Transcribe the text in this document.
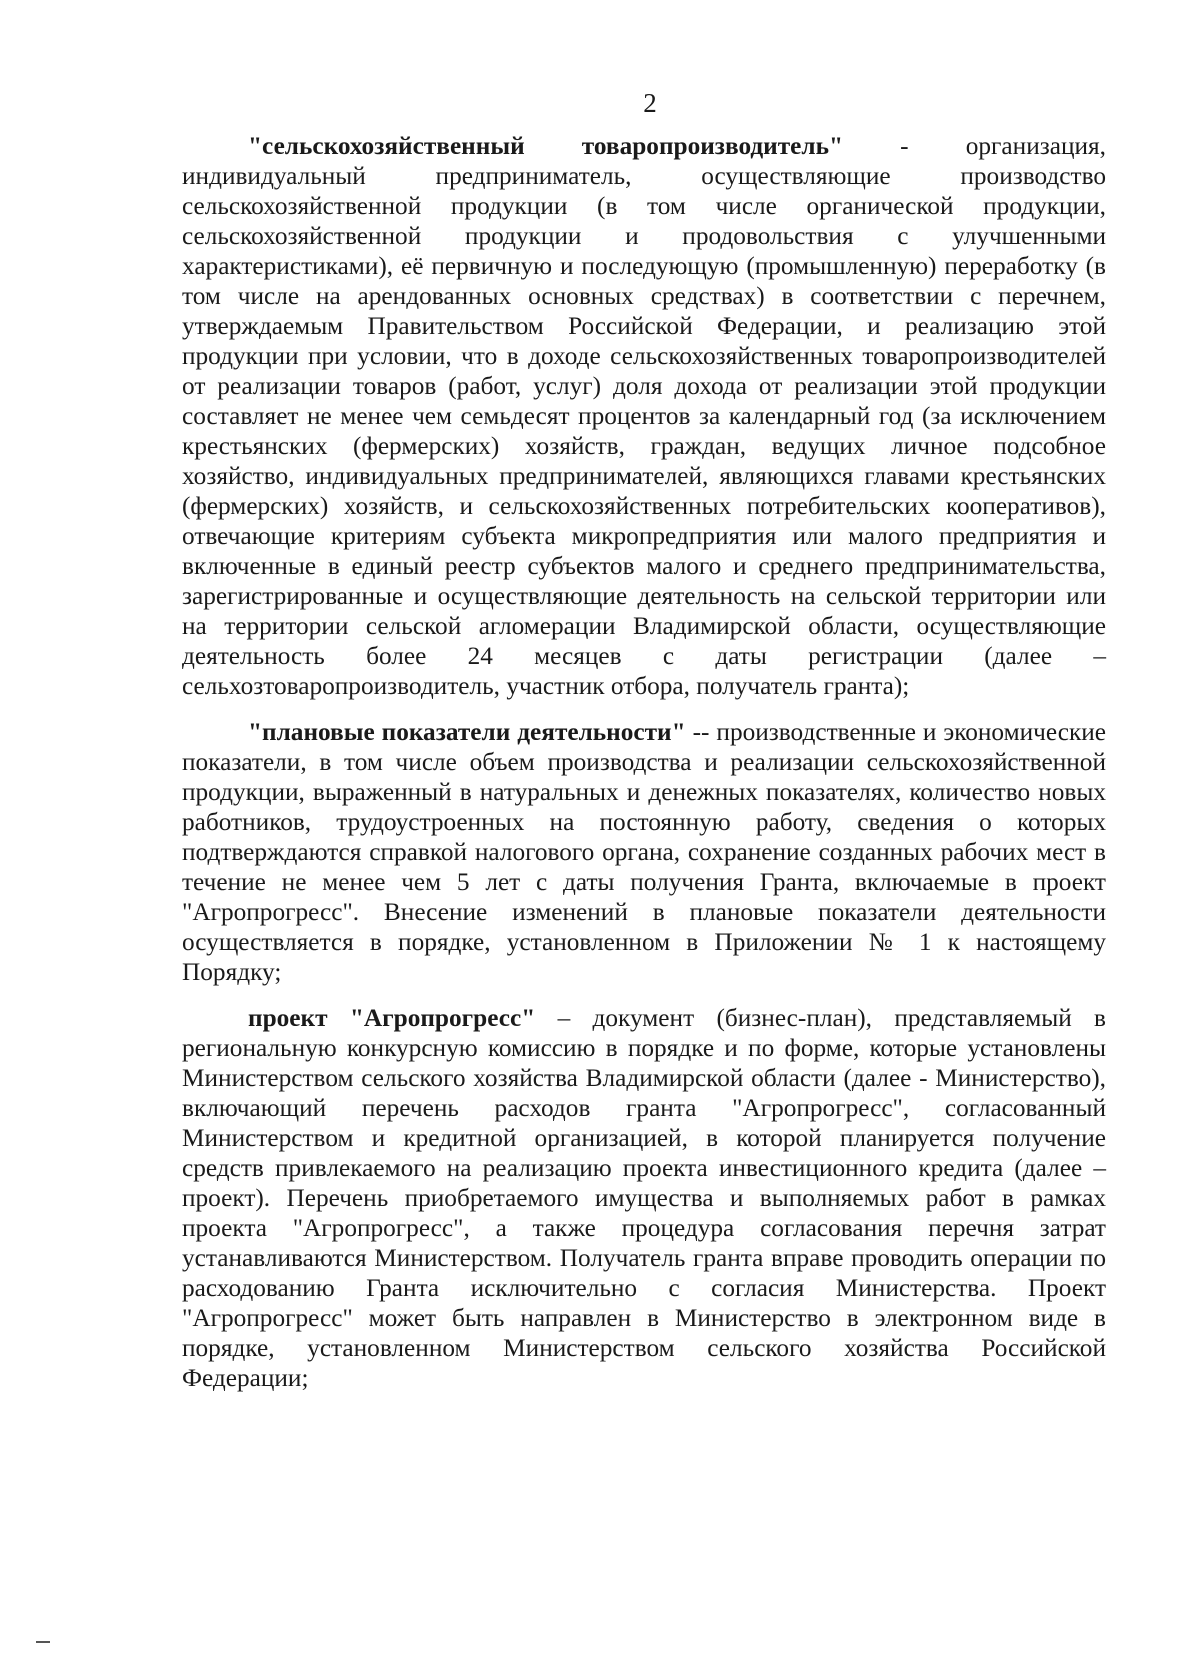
2

"сельскохозяйственный товаропроизводитель" - организация, индивидуальный предприниматель, осуществляющие производство сельскохозяйственной продукции (в том числе органической продукции, сельскохозяйственной продукции и продовольствия с улучшенными характеристиками), её первичную и последующую (промышленную) переработку (в том числе на арендованных основных средствах) в соответствии с перечнем, утверждаемым Правительством Российской Федерации, и реализацию этой продукции при условии, что в доходе сельскохозяйственных товаропроизводителей от реализации товаров (работ, услуг) доля дохода от реализации этой продукции составляет не менее чем семьдесят процентов за календарный год (за исключением крестьянских (фермерских) хозяйств, граждан, ведущих личное подсобное хозяйство, индивидуальных предпринимателей, являющихся главами крестьянских (фермерских) хозяйств, и сельскохозяйственных потребительских кооперативов), отвечающие критериям субъекта микропредприятия или малого предприятия и включенные в единый реестр субъектов малого и среднего предпринимательства, зарегистрированные и осуществляющие деятельность на сельской территории или на территории сельской агломерации Владимирской области, осуществляющие деятельность более 24 месяцев с даты регистрации (далее – сельхозтоваропроизводитель, участник отбора, получатель гранта);

"плановые показатели деятельности" -- производственные и экономические показатели, в том числе объем производства и реализации сельскохозяйственной продукции, выраженный в натуральных и денежных показателях, количество новых работников, трудоустроенных на постоянную работу, сведения о которых подтверждаются справкой налогового органа, сохранение созданных рабочих мест в течение не менее чем 5 лет с даты получения Гранта, включаемые в проект "Агропрогресс". Внесение изменений в плановые показатели деятельности осуществляется в порядке, установленном в Приложении № 1 к настоящему Порядку;

проект "Агропрогресс" – документ (бизнес-план), представляемый в региональную конкурсную комиссию в порядке и по форме, которые установлены Министерством сельского хозяйства Владимирской области (далее - Министерство), включающий перечень расходов гранта "Агропрогресс", согласованный Министерством и кредитной организацией, в которой планируется получение средств привлекаемого на реализацию проекта инвестиционного кредита (далее – проект). Перечень приобретаемого имущества и выполняемых работ в рамках проекта "Агропрогресс", а также процедура согласования перечня затрат устанавливаются Министерством. Получатель гранта вправе проводить операции по расходованию Гранта исключительно с согласия Министерства. Проект "Агропрогресс" может быть направлен в Министерство в электронном виде в порядке, установленном Министерством сельского хозяйства Российской Федерации;
